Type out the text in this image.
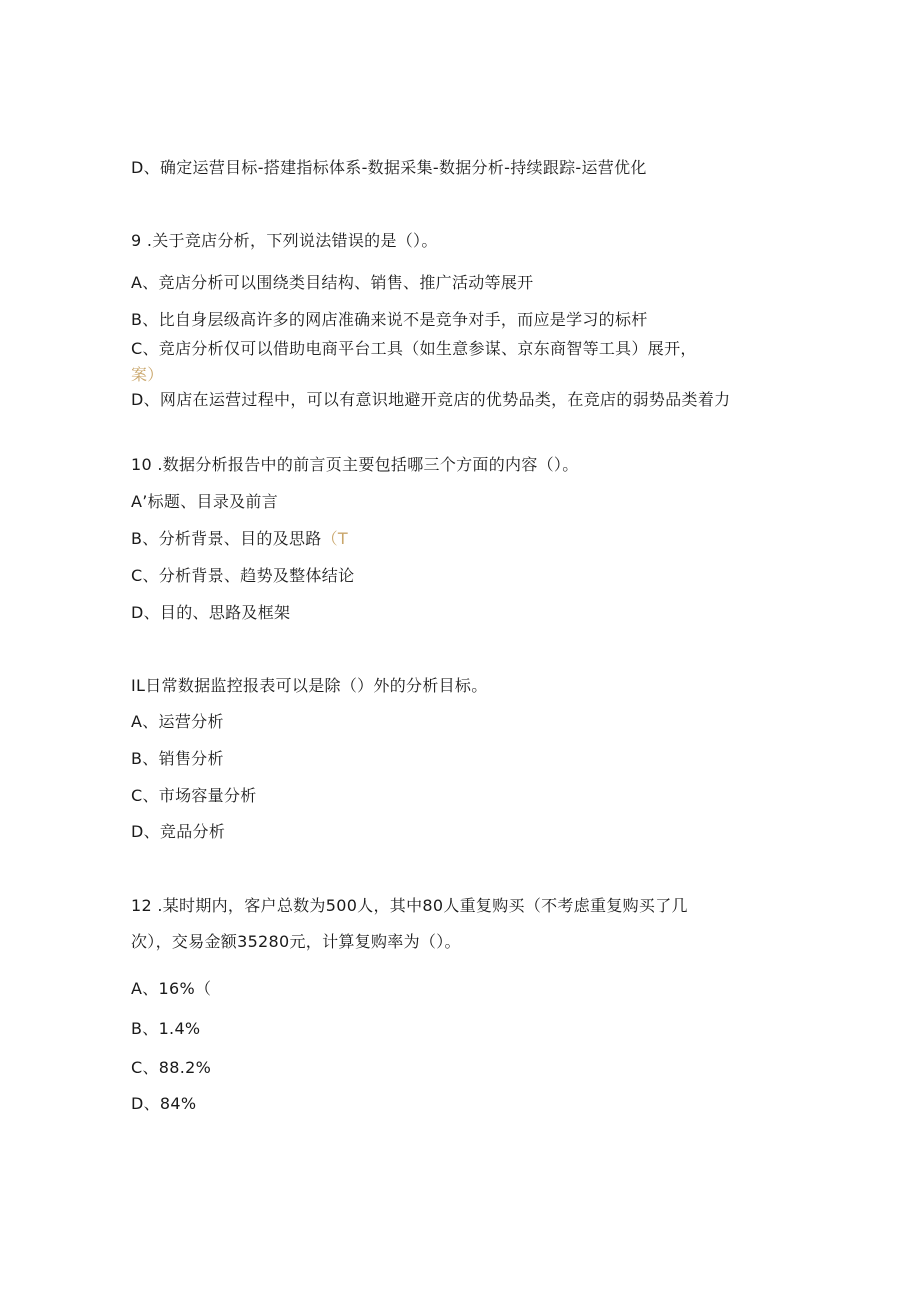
D、确定运营目标-搭建指标体系-数据采集-数据分析-持续跟踪-运营优化
9 .关于竞店分析，下列说法错误的是（）。
A、竞店分析可以围绕类目结构、销售、推广活动等展开
B、比自身层级高许多的网店准确来说不是竞争对手，而应是学习的标杆
C、竞店分析仅可以借助电商平台工具（如生意参谋、京东商智等工具）展开，
案）
D、网店在运营过程中，可以有意识地避开竞店的优势品类，在竞店的弱势品类着力
10 .数据分析报告中的前言页主要包括哪三个方面的内容（）。
A’标题、目录及前言
B、分析背景、目的及思路（T
C、分析背景、趋势及整体结论
D、目的、思路及框架
IL日常数据监控报表可以是除（）外的分析目标。
A、运营分析
B、销售分析
C、市场容量分析
D、竞品分析
12 .某时期内，客户总数为500人，其中80人重复购买（不考虑重复购买了几
次），交易金额35280元，计算复购率为（）。
A、16%（
B、1.4%
C、88.2%
D、84%
